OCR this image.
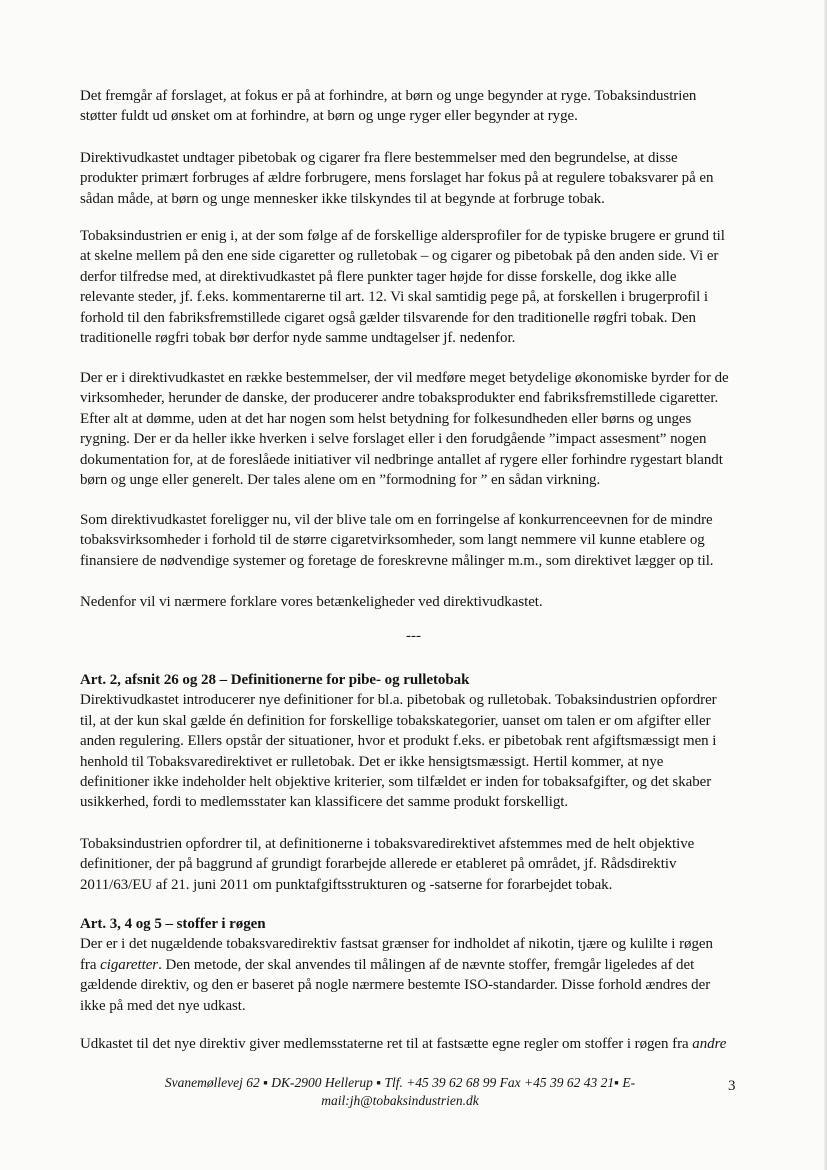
Det fremgår af forslaget, at fokus er på at forhindre, at børn og unge begynder at ryge. Tobaksindustrien

støtter fuldt ud ønsket om at forhindre, at børn og unge ryger eller begynder at ryge.

Direktivudkastet undtager pibetobak og cigarer fra flere bestemmelser med den begrundelse, at disse

produkter primært forbruges af ældre forbrugere, mens forslaget har fokus på at regulere tobaksvarer på en

sådan måde, at børn og unge mennesker ikke tilskyndes til at begynde at forbruge tobak.

Tobaksindustrien er enig i, at der som følge af de forskellige aldersprofiler for de typiske brugere er grund til

at skelne mellem på den ene side cigaretter og rulletobak – og cigarer og pibetobak på den anden side. Vi er

derfor tilfredse med, at direktivudkastet på flere punkter tager højde for disse forskelle, dog ikke alle

relevante steder, jf. f.eks. kommentarerne til art. 12. Vi skal samtidig pege på, at forskellen i brugerprofil i

forhold til den fabriksfremstillede cigaret også gælder tilsvarende for den traditionelle røgfri tobak. Den

traditionelle røgfri tobak bør derfor nyde samme undtagelser jf. nedenfor.

Der er i direktivudkastet en række bestemmelser, der vil medføre meget betydelige økonomiske byrder for de

virksomheder, herunder de danske, der producerer andre tobaksprodukter end fabriksfremstillede cigaretter.

Efter alt at dømme, uden at det har nogen som helst betydning for folkesundheden eller børns og unges

rygning. Der er da heller ikke hverken i selve forslaget eller i den forudgående ”impact assesment” nogen

dokumentation for, at de foreslåede initiativer vil nedbringe antallet af rygere eller forhindre rygestart blandt

børn og unge eller generelt. Der tales alene om en ”formodning for ” en sådan virkning.

Som direktivudkastet foreligger nu, vil der blive tale om en forringelse af konkurrenceevnen for de mindre

tobaksvirksomheder i forhold til de større cigaretvirksomheder, som langt nemmere vil kunne etablere og

finansiere de nødvendige systemer og foretage de foreskrevne målinger m.m., som direktivet lægger op til.

Nedenfor vil vi nærmere forklare vores betænkeligheder ved direktivudkastet.

Art. 2, afsnit 26 og 28 – Definitionerne for pibe- og rulletobak

Direktivudkastet introducerer nye definitioner for bl.a. pibetobak og rulletobak. Tobaksindustrien opfordrer

til, at der kun skal gælde én definition for forskellige tobakskategorier, uanset om talen er om afgifter eller

anden regulering. Ellers opstår der situationer, hvor et produkt f.eks. er pibetobak rent afgiftsmæssigt men i

henhold til Tobaksvaredirektivet er rulletobak. Det er ikke hensigtsmæssigt. Hertil kommer, at nye

definitioner ikke indeholder helt objektive kriterier, som tilfældet er inden for tobaksafgifter, og det skaber

usikkerhed, fordi to medlemsstater kan klassificere det samme produkt forskelligt.

Tobaksindustrien opfordrer til, at definitionerne i tobaksvaredirektivet afstemmes med de helt objektive

definitioner, der på baggrund af grundigt forarbejde allerede er etableret på området, jf. Rådsdirektiv

2011/63/EU af 21. juni 2011 om punktafgiftsstrukturen og -satserne for forarbejdet tobak.

Art. 3, 4 og 5 – stoffer i røgen

Der er i det nugældende tobaksvaredirektiv fastsat grænser for indholdet af nikotin, tjære og kulilte i røgen

fra cigaretter. Den metode, der skal anvendes til målingen af de nævnte stoffer, fremgår ligeledes af det

gældende direktiv, og den er baseret på nogle nærmere bestemte ISO-standarder. Disse forhold ændres der

ikke på med det nye udkast.

Udkastet til det nye direktiv giver medlemsstaterne ret til at fastsætte egne regler om stoffer i røgen fra andre

---
Svanemøllevej 62 ▪ DK-2900 Hellerup ▪ Tlf. +45 39 62 68 99 Fax +45 39 62 43 21▪ E-
mail:jh@tobaksindustrien.dk
3
